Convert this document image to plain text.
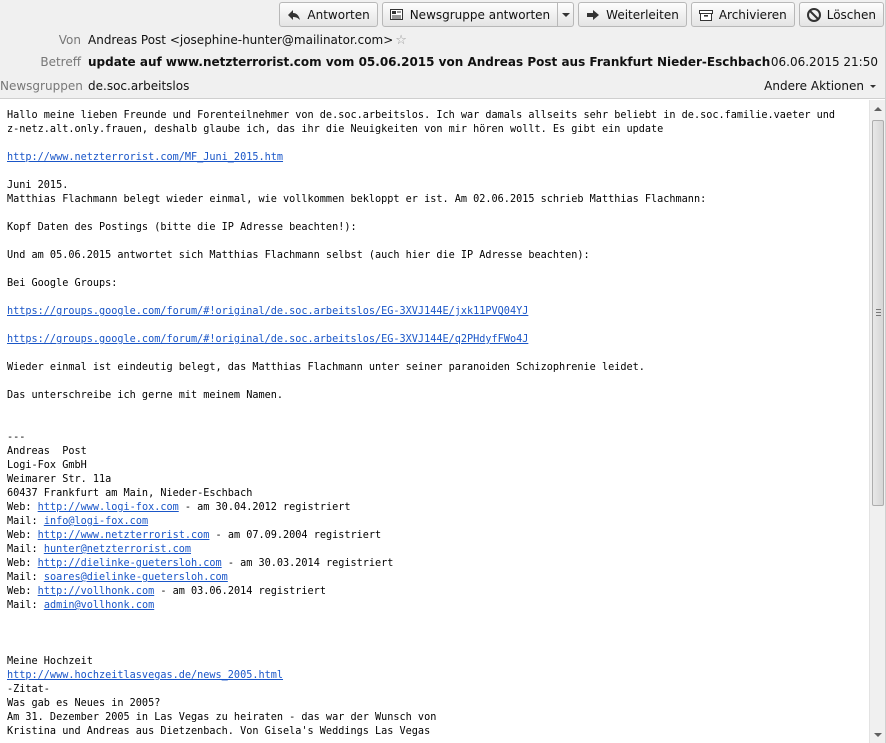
Antworten	Newsgruppe antworten	Weiterleiten	Archivieren	Löschen
Von Andreas Post <josephine-hunter@mailinator.com> ☆
Betreff update auf www.netzterrorist.com vom 05.06.2015 von Andreas Post aus Frankfurt Nieder-Eschbach 06.06.2015 21:50
Newsgruppen de.soc.arbeitslos	Andere Aktionen
Hallo meine lieben Freunde und Forenteilnehmer von de.soc.arbeitslos. Ich war damals allseits sehr beliebt in de.soc.familie.vaeter und
z-netz.alt.only.frauen, deshalb glaube ich, das ihr die Neuigkeiten von mir hören wollt. Es gibt ein update

http://www.netzterrorist.com/MF_Juni_2015.htm

Juni 2015.
Matthias Flachmann belegt wieder einmal, wie vollkommen bekloppt er ist. Am 02.06.2015 schrieb Matthias Flachmann:

Kopf Daten des Postings (bitte die IP Adresse beachten!):

Und am 05.06.2015 antwortet sich Matthias Flachmann selbst (auch hier die IP Adresse beachten):

Bei Google Groups:

https://groups.google.com/forum/#!original/de.soc.arbeitslos/EG-3XVJ144E/jxk11PVQ04YJ

https://groups.google.com/forum/#!original/de.soc.arbeitslos/EG-3XVJ144E/q2PHdyfFWo4J

Wieder einmal ist eindeutig belegt, das Matthias Flachmann unter seiner paranoiden Schizophrenie leidet.

Das unterschreibe ich gerne mit meinem Namen.

---
Andreas  Post
Logi-Fox GmbH
Weimarer Str. 11a
60437 Frankfurt am Main, Nieder-Eschbach
Web: http://www.logi-fox.com - am 30.04.2012 registriert
Mail: info@logi-fox.com
Web: http://www.netzterrorist.com - am 07.09.2004 registriert
Mail: hunter@netzterrorist.com
Web: http://dielinke-guetersloh.com - am 30.03.2014 registriert
Mail: soares@dielinke-guetersloh.com
Web: http://vollhonk.com - am 03.06.2014 registriert
Mail: admin@vollhonk.com

Meine Hochzeit
http://www.hochzeitlasvegas.de/news_2005.html
-Zitat-
Was gab es Neues in 2005?
Am 31. Dezember 2005 in Las Vegas zu heiraten - das war der Wunsch von
Kristina und Andreas aus Dietzenbach. Von Gisela's Weddings Las Vegas
